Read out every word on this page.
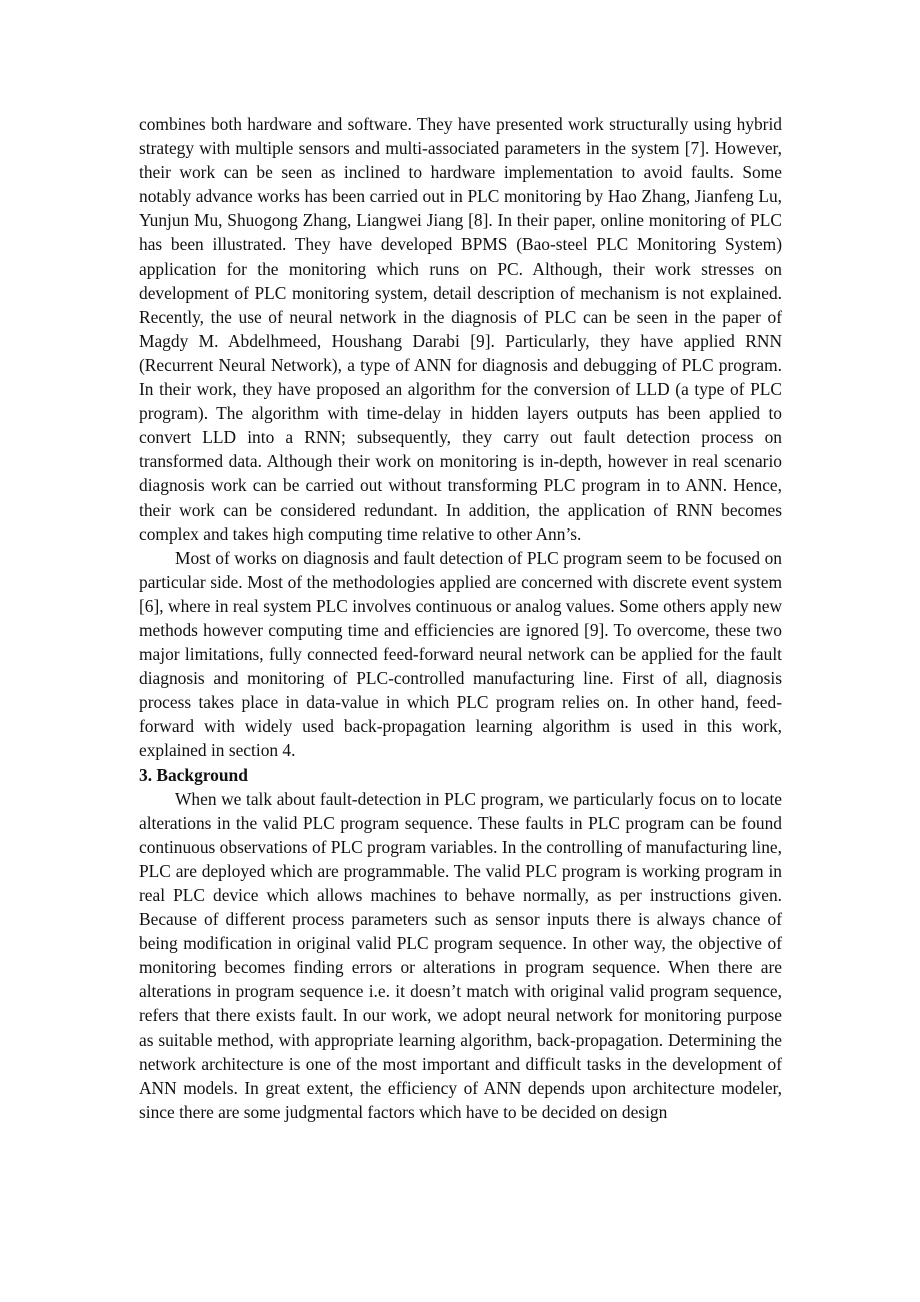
combines both hardware and software. They have presented work structurally using hybrid strategy with multiple sensors and multi-associated parameters in the system [7]. However, their work can be seen as inclined to hardware implementation to avoid faults. Some notably advance works has been carried out in PLC monitoring by Hao Zhang, Jianfeng Lu, Yunjun Mu, Shuogong Zhang, Liangwei Jiang [8]. In their paper, online monitoring of PLC has been illustrated. They have developed BPMS (Bao-steel PLC Monitoring System) application for the monitoring which runs on PC. Although, their work stresses on development of PLC monitoring system, detail description of mechanism is not explained. Recently, the use of neural network in the diagnosis of PLC can be seen in the paper of Magdy M. Abdelhmeed, Houshang Darabi [9]. Particularly, they have applied RNN (Recurrent Neural Network), a type of ANN for diagnosis and debugging of PLC program. In their work, they have proposed an algorithm for the conversion of LLD (a type of PLC program). The algorithm with time-delay in hidden layers outputs has been applied to convert LLD into a RNN; subsequently, they carry out fault detection process on transformed data. Although their work on monitoring is in-depth, however in real scenario diagnosis work can be carried out without transforming PLC program in to ANN. Hence, their work can be considered redundant. In addition, the application of RNN becomes complex and takes high computing time relative to other Ann’s.

Most of works on diagnosis and fault detection of PLC program seem to be focused on particular side. Most of the methodologies applied are concerned with discrete event system [6], where in real system PLC involves continuous or analog values. Some others apply new methods however computing time and efficiencies are ignored [9]. To overcome, these two major limitations, fully connected feed-forward neural network can be applied for the fault diagnosis and monitoring of PLC-controlled manufacturing line. First of all, diagnosis process takes place in data-value in which PLC program relies on. In other hand, feed-forward with widely used back-propagation learning algorithm is used in this work, explained in section 4.

3. Background

When we talk about fault-detection in PLC program, we particularly focus on to locate alterations in the valid PLC program sequence. These faults in PLC program can be found continuous observations of PLC program variables. In the controlling of manufacturing line, PLC are deployed which are programmable. The valid PLC program is working program in real PLC device which allows machines to behave normally, as per instructions given. Because of different process parameters such as sensor inputs there is always chance of being modification in original valid PLC program sequence. In other way, the objective of monitoring becomes finding errors or alterations in program sequence. When there are alterations in program sequence i.e. it doesn’t match with original valid program sequence, refers that there exists fault. In our work, we adopt neural network for monitoring purpose as suitable method, with appropriate learning algorithm, back-propagation. Determining the network architecture is one of the most important and difficult tasks in the development of ANN models. In great extent, the efficiency of ANN depends upon architecture modeler, since there are some judgmental factors which have to be decided on design
